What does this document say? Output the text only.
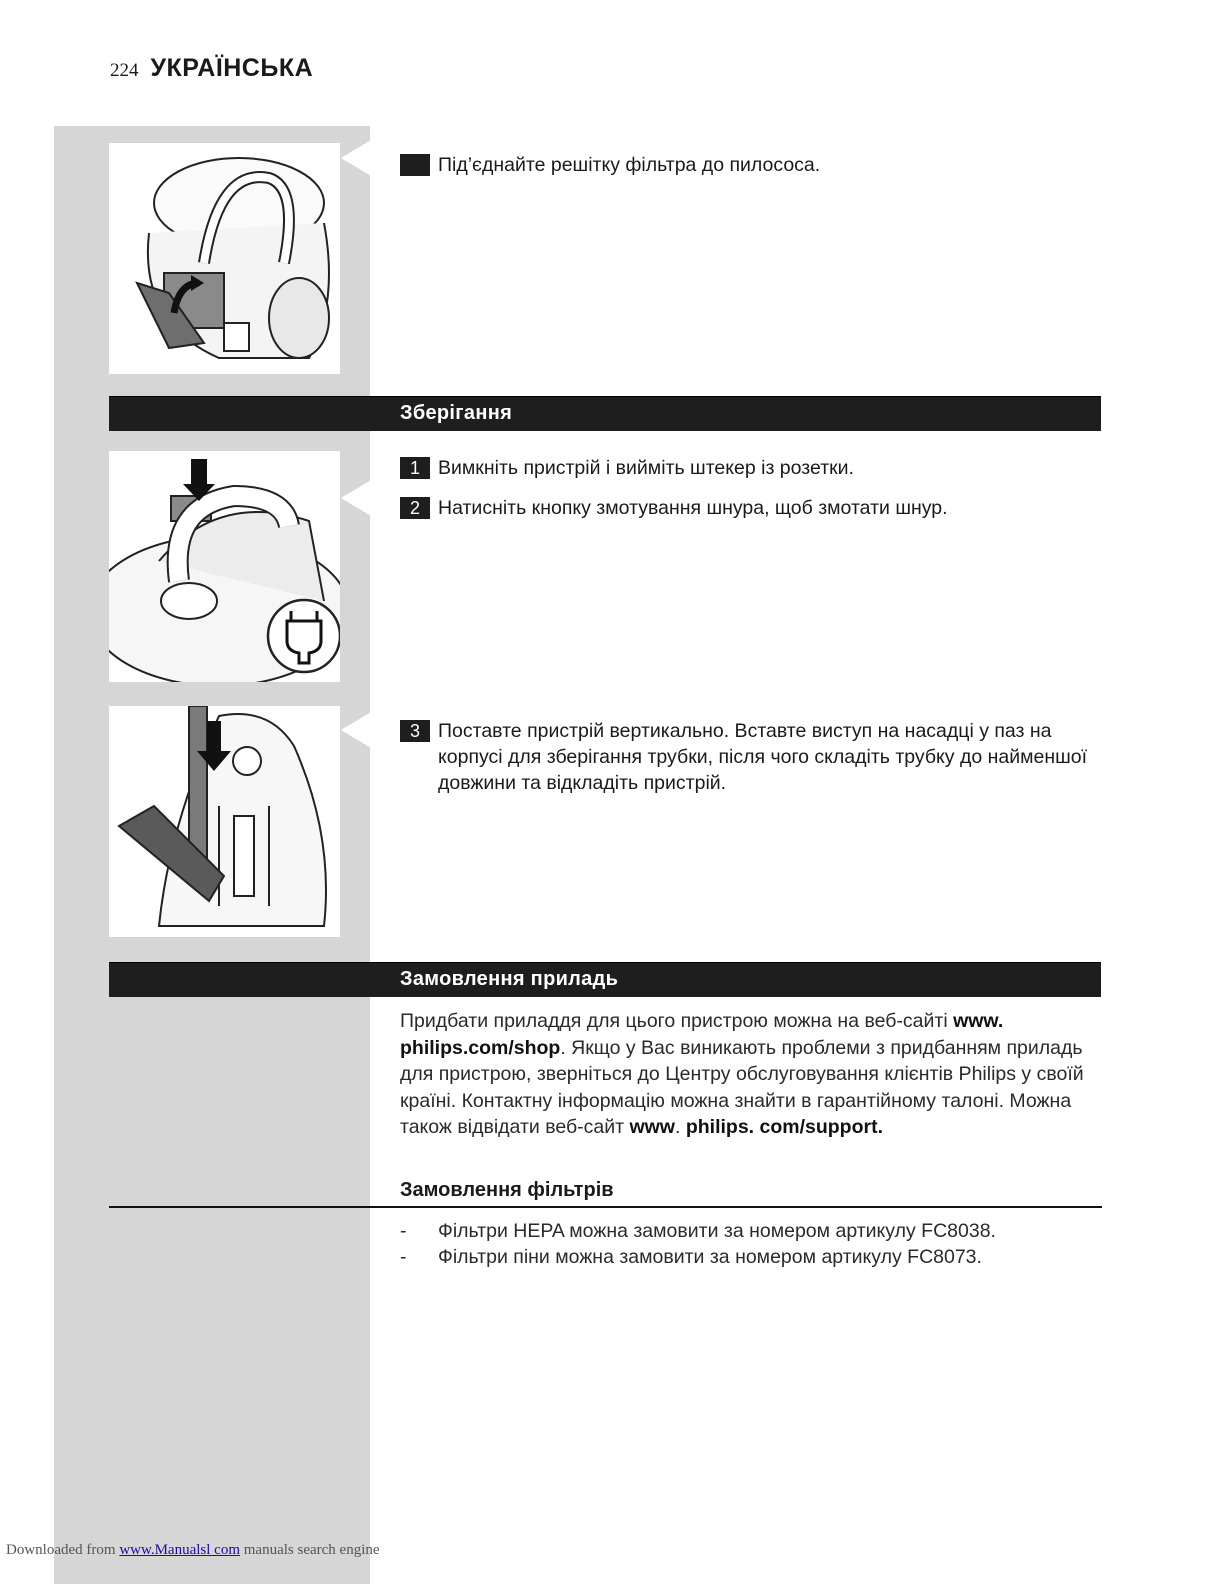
224 УКРАЇНСЬКА
Під’єднайте решітку фільтра до пилососа.
Зберігання
1 Вимкніть пристрій і вийміть штекер із розетки.
2 Натисніть кнопку змотування шнура, щоб змотати шнур.
3 Поставте пристрій вертикально. Вставте виступ на насадці у паз на корпусі для зберігання трубки, після чого складіть трубку до найменшої довжини та відкладіть пристрій.
Замовлення приладь
Придбати приладдя для цього пристрою можна на веб-сайті www. philips.com/shop. Якщо у Вас виникають проблеми з придбанням приладь для пристрою, зверніться до Центру обслуговування клієнтів Philips у своїй країні. Контактну інформацію можна знайти в гарантійному талоні. Можна також відвідати веб-сайт www. philips. com/support.
Замовлення фільтрів
-	Фільтри HEPA можна замовити за номером артикулу FC8038.
-	Фільтри піни можна замовити за номером артикулу FC8073.
Downloaded from www.Manualsl com manuals search engine
